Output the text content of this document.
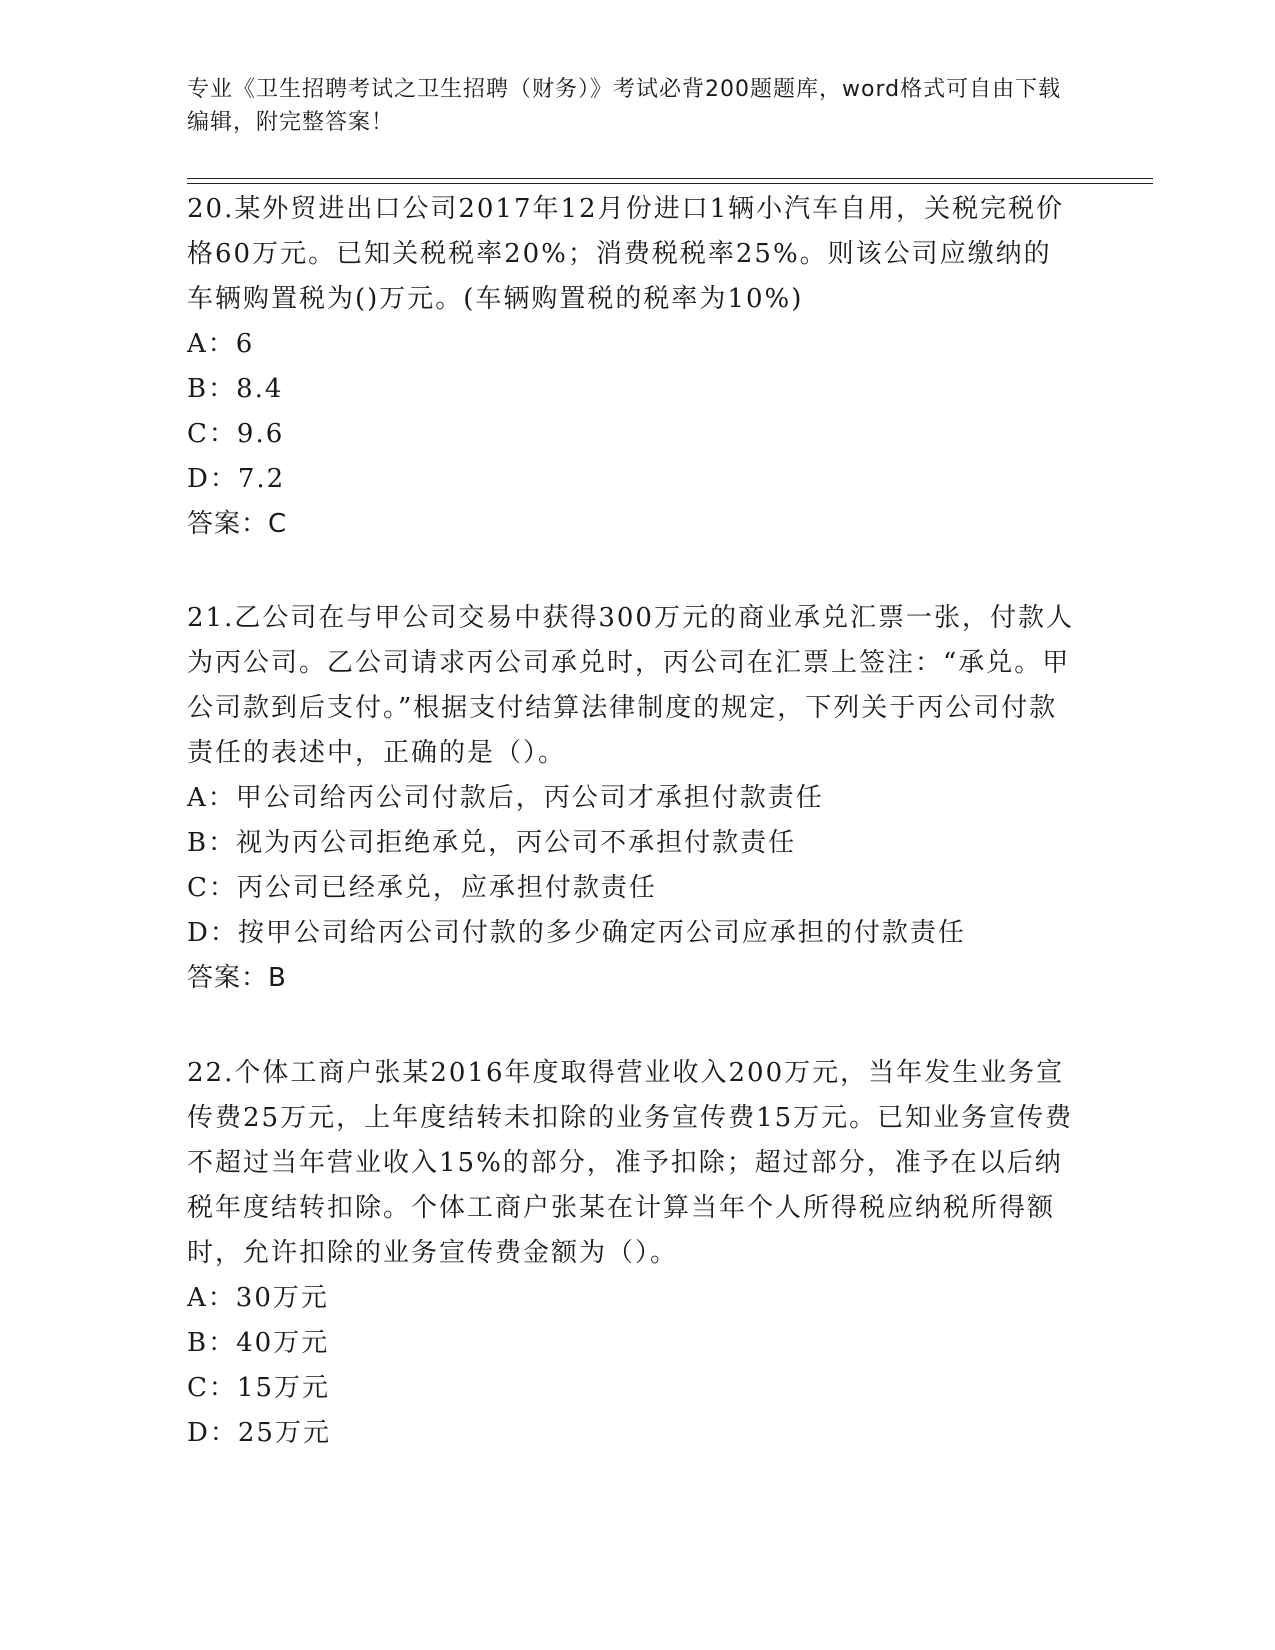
专业《卫生招聘考试之卫生招聘（财务）》考试必背200题题库，word格式可自由下载编辑，附完整答案！

20.某外贸进出口公司2017年12月份进口1辆小汽车自用，关税完税价格60万元。已知关税税率20%；消费税税率25%。则该公司应缴纳的车辆购置税为()万元。(车辆购置税的税率为10%)

A：6
B：8.4
C：9.6
D：7.2
答案：C

21.乙公司在与甲公司交易中获得300万元的商业承兑汇票一张，付款人为丙公司。乙公司请求丙公司承兑时，丙公司在汇票上签注：“承兑。甲公司款到后支付。”根据支付结算法律制度的规定，下列关于丙公司付款责任的表述中，正确的是（）。

A：甲公司给丙公司付款后，丙公司才承担付款责任
B：视为丙公司拒绝承兑，丙公司不承担付款责任
C：丙公司已经承兑，应承担付款责任
D：按甲公司给丙公司付款的多少确定丙公司应承担的付款责任
答案：B

22.个体工商户张某2016年度取得营业收入200万元，当年发生业务宣传费25万元，上年度结转未扣除的业务宣传费15万元。已知业务宣传费不超过当年营业收入15%的部分，准予扣除；超过部分，准予在以后纳税年度结转扣除。个体工商户张某在计算当年个人所得税应纳税所得额时，允许扣除的业务宣传费金额为（）。

A：30万元
B：40万元
C：15万元
D：25万元
